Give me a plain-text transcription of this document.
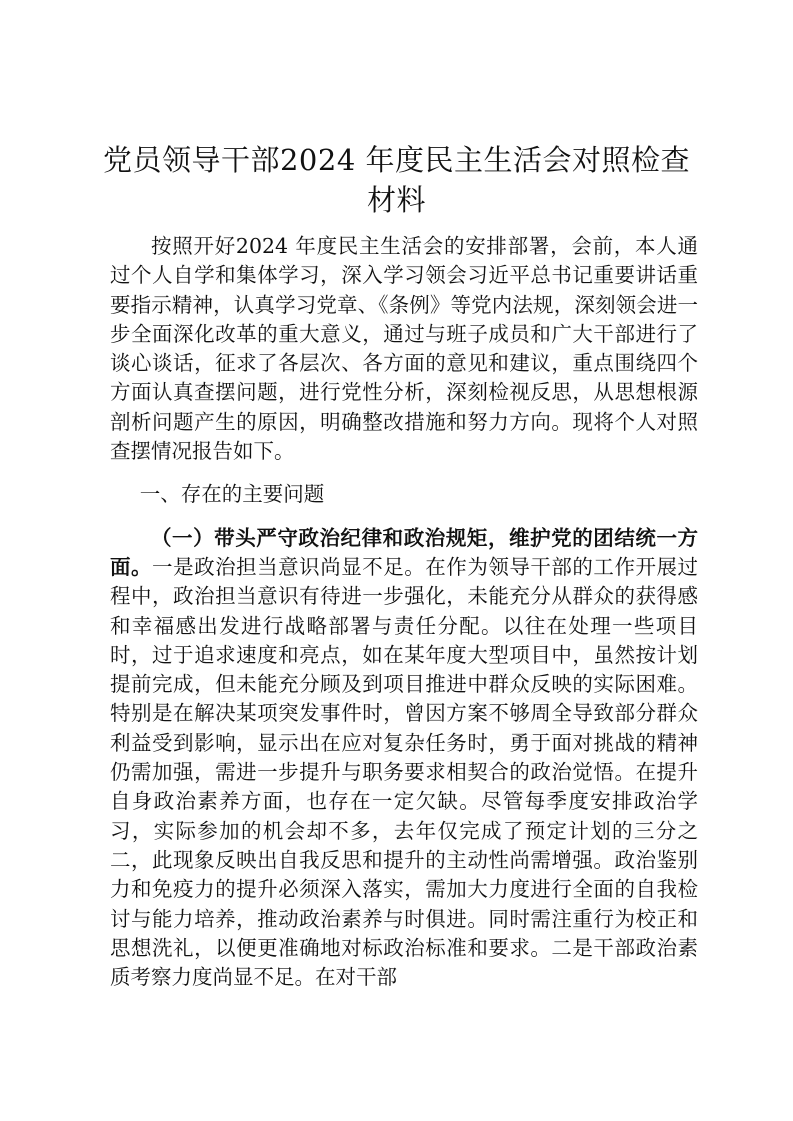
党员领导干部2024 年度民主生活会对照检查材料

按照开好2024 年度民主生活会的安排部署，会前，本人通过个人自学和集体学习，深入学习领会习近平总书记重要讲话重要指示精神，认真学习党章、《条例》等党内法规，深刻领会进一步全面深化改革的重大意义，通过与班子成员和广大干部进行了谈心谈话，征求了各层次、各方面的意见和建议，重点围绕四个方面认真查摆问题，进行党性分析，深刻检视反思，从思想根源剖析问题产生的原因，明确整改措施和努力方向。现将个人对照查摆情况报告如下。

一、存在的主要问题

（一）带头严守政治纪律和政治规矩，维护党的团结统一方面。一是政治担当意识尚显不足。在作为领导干部的工作开展过程中，政治担当意识有待进一步强化，未能充分从群众的获得感和幸福感出发进行战略部署与责任分配。以往在处理一些项目时，过于追求速度和亮点，如在某年度大型项目中，虽然按计划提前完成，但未能充分顾及到项目推进中群众反映的实际困难。特别是在解决某项突发事件时，曾因方案不够周全导致部分群众利益受到影响，显示出在应对复杂任务时，勇于面对挑战的精神仍需加强，需进一步提升与职务要求相契合的政治觉悟。在提升自身政治素养方面，也存在一定欠缺。尽管每季度安排政治学习，实际参加的机会却不多，去年仅完成了预定计划的三分之二，此现象反映出自我反思和提升的主动性尚需增强。政治鉴别力和免疫力的提升必须深入落实，需加大力度进行全面的自我检讨与能力培养，推动政治素养与时俱进。同时需注重行为校正和思想洗礼，以便更准确地对标政治标准和要求。二是干部政治素质考察力度尚显不足。在对干部
